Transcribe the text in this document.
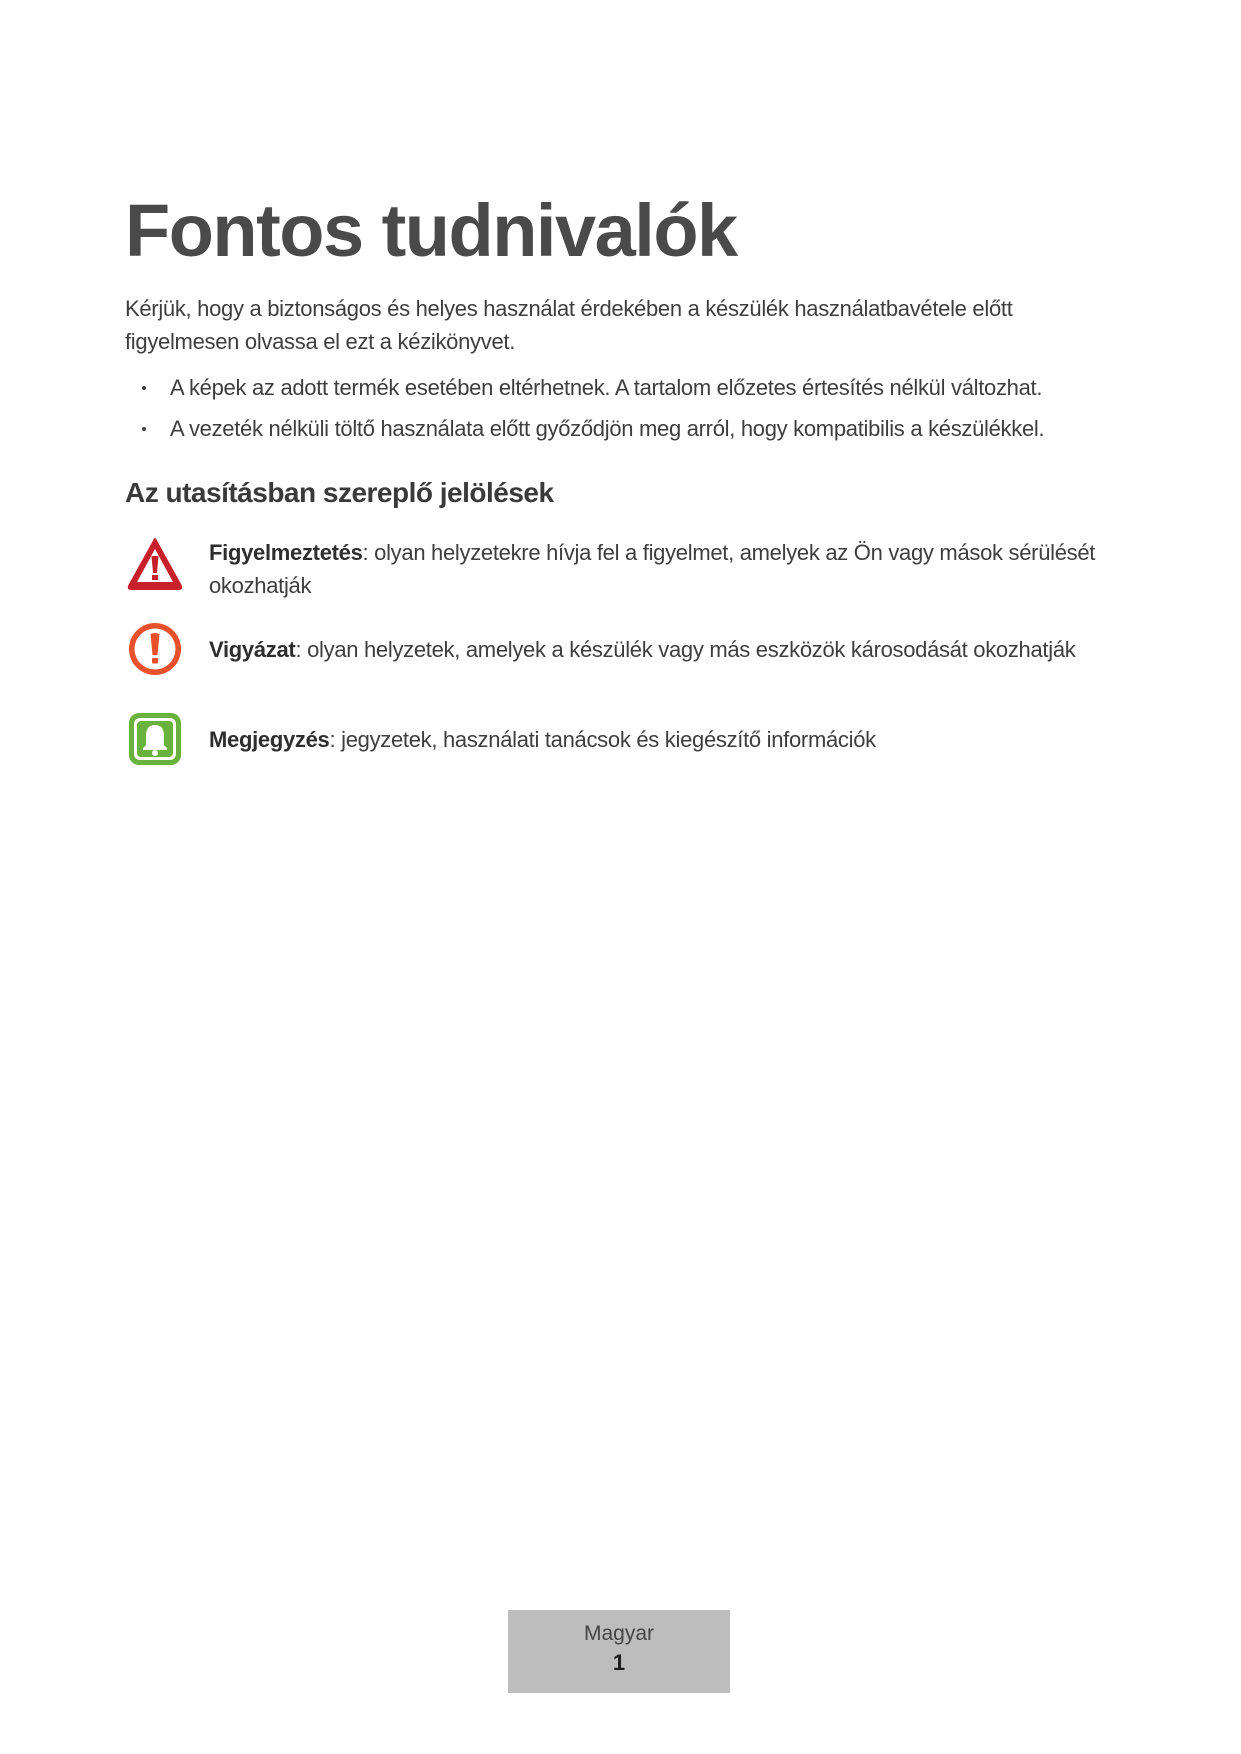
Fontos tudnivalók

Kérjük, hogy a biztonságos és helyes használat érdekében a készülék használatbavétele előtt figyelmesen olvassa el ezt a kézikönyvet.

A képek az adott termék esetében eltérhetnek. A tartalom előzetes értesítés nélkül változhat.
A vezeték nélküli töltő használata előtt győződjön meg arról, hogy kompatibilis a készülékkel.
Az utasításban szereplő jelölések

Figyelmeztetés: olyan helyzetekre hívja fel a figyelmet, amelyek az Ön vagy mások sérülését okozhatják

Vigyázat: olyan helyzetek, amelyek a készülék vagy más eszközök károsodását okozhatják

Megjegyzés: jegyzetek, használati tanácsok és kiegészítő információk

Magyar
1
